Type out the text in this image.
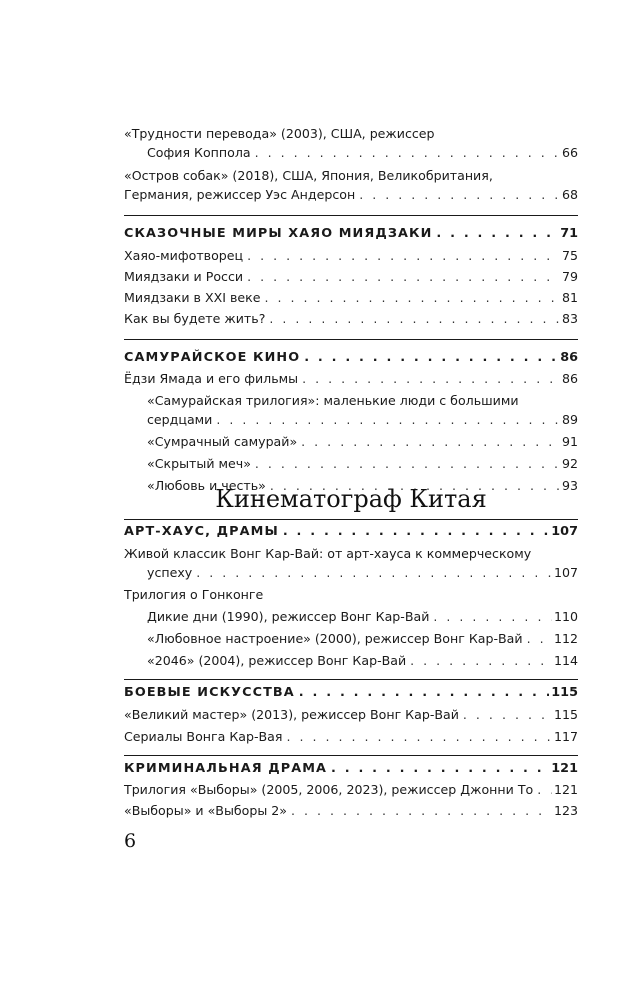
«Трудности перевода» (2003), США, режиссер
София Коппола . . .	66
«Остров собак» (2018), США, Япония, Великобритания,
Германия, режиссер Уэс Андерсон . . .	68
СКАЗОЧНЫЕ МИРЫ ХАЯО МИЯДЗАКИ . . .	71
Хаяо-мифотворец . . .	75
Миядзаки и Росси . . .	79
Миядзаки в XXI веке . . .	81
Как вы будете жить? . . .	83
САМУРАЙСКОЕ КИНО . . .	86
Ёдзи Ямада и его фильмы . . .	86
«Самурайская трилогия»: маленькие люди с большими
сердцами . . .	89
«Сумрачный самурай» . . .	91
«Скрытый меч» . . .	92
«Любовь и честь» . . .	93
Кинематограф Китая
АРТ-ХАУС, ДРАМЫ . . .	107
Живой классик Вонг Кар-Вай: от арт-хауса к коммерческому
успеху . . .	107
Трилогия о Гонконге
Дикие дни (1990), режиссер Вонг Кар-Вай . . .	110
«Любовное настроение» (2000), режиссер Вонг Кар-Вай . . . 112
«2046» (2004), режиссер Вонг Кар-Вай . . .	114
БОЕВЫЕ ИСКУССТВА . . .	115
«Великий мастер» (2013), режиссер Вонг Кар-Вай . . .	115
Сериалы Вонга Кар-Вая . . .	117
КРИМИНАЛЬНАЯ ДРАМА . . .	121
Трилогия «Выборы» (2005, 2006, 2023), режиссер Джонни То . . . 121
«Выборы» и «Выборы 2» . . .	123
6
